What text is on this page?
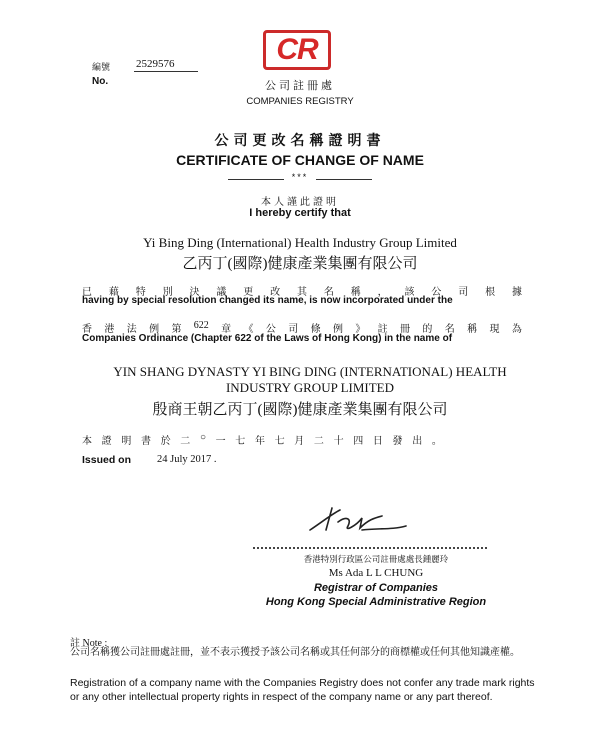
編號 2529576
No.
CR
公司註冊處
COMPANIES REGISTRY
公司更改名稱證明書
CERTIFICATE OF CHANGE OF NAME
***
本人謹此證明
I hereby certify that
Yi Bing Ding (International) Health Industry Group Limited
乙丙丁(國際)健康產業集團有限公司
已 藉 特 別 決 議 更 改 其 名 稱 ， 該 公 司 根 據
having by special resolution changed its name, is now incorporated under the
香 港 法 例 第 622 章 《 公 司 條 例 》 註 冊 的 名 稱 現 為
Companies Ordinance (Chapter 622 of the Laws of Hong Kong) in the name of
YIN SHANG DYNASTY YI BING DING (INTERNATIONAL) HEALTH INDUSTRY GROUP LIMITED
殷商王朝乙丙丁(國際)健康產業集團有限公司
本 證 明 書 於 二 ○ 一 七 年 七 月 二 十 四 日 發 出 。
Issued on 24 July 2017 .
香港特別行政區公司註冊處處長鍾麗玲
Ms Ada L L CHUNG
Registrar of Companies
Hong Kong Special Administrative Region
註 Note :
公司名稱獲公司註冊處註冊，並不表示獲授予該公司名稱或其任何部分的商標權或任何其他知識產權。
Registration of a company name with the Companies Registry does not confer any trade mark rights or any other intellectual property rights in respect of the company name or any part thereof.
